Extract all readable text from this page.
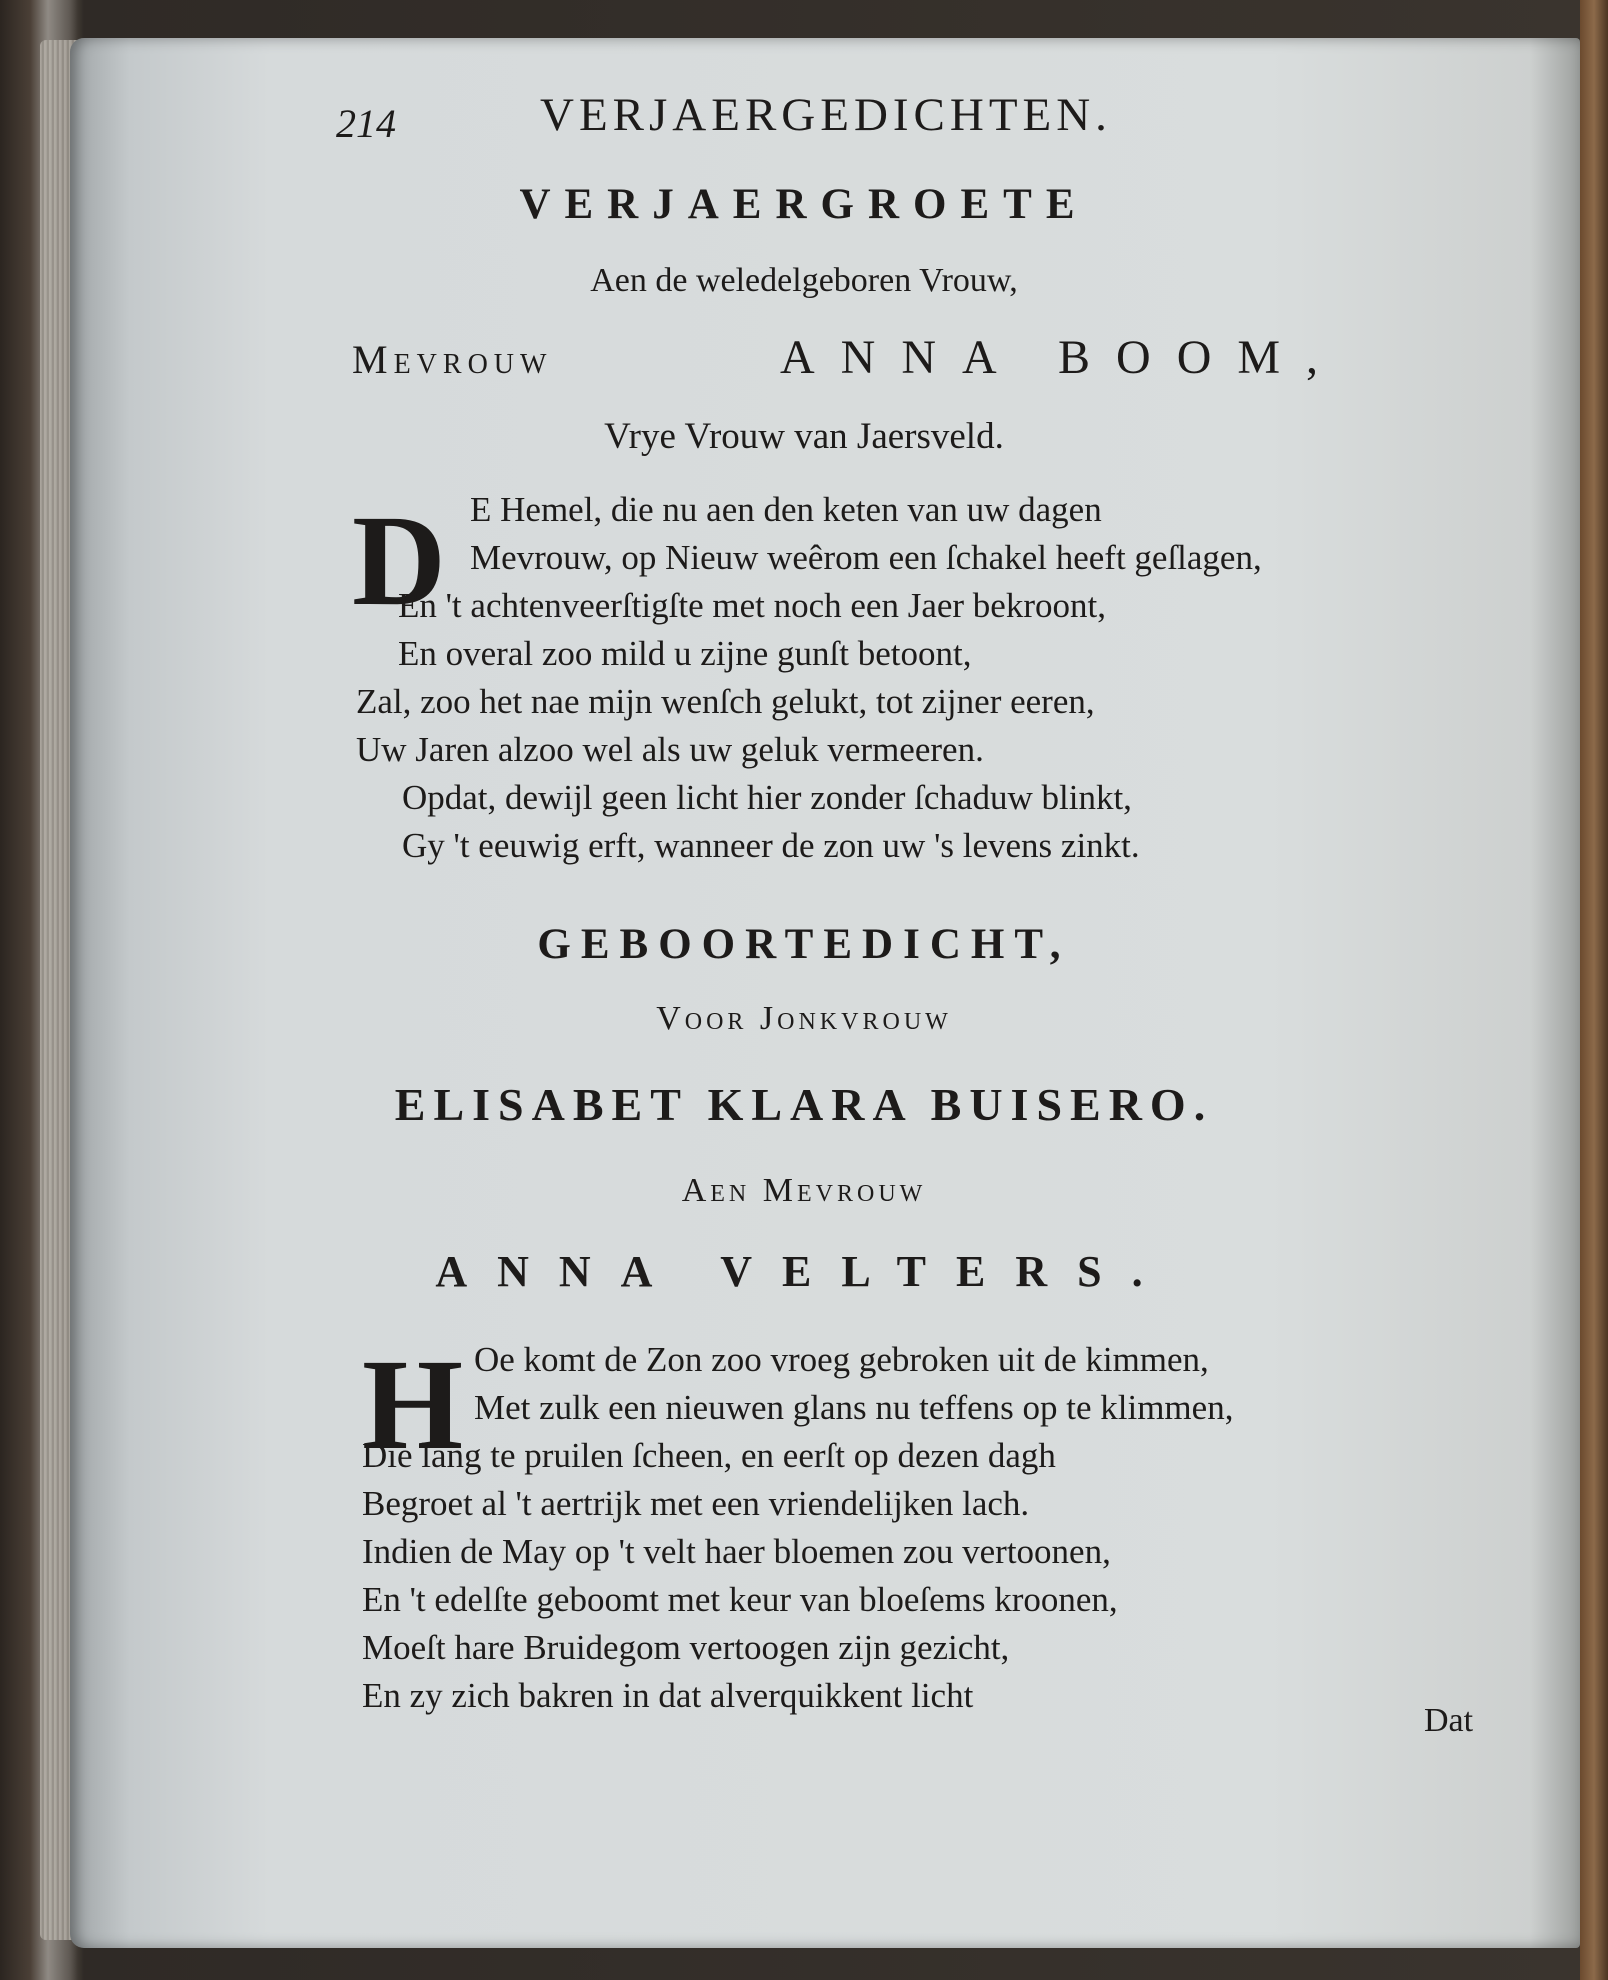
214	VERJAERGEDICHTEN.
VERJAERGROETE
Aen de weledelgeboren Vrouw,
Mevrouw	ANNA BOOM,
Vrye Vrouw van Jaersveld.
D E Hemel, die nu aen den keten van uw dagen
Mevrouw, op Nieuw weêrom een ſchakel heeft geſlagen,
En 't achtenveerſtigſte met noch een Jaer bekroont,
En overal zoo mild u zijne gunſt betoont,
Zal, zoo het nae mijn wenſch gelukt, tot zijner eeren,
Uw Jaren alzoo wel als uw geluk vermeeren.
Opdat, dewijl geen licht hier zonder ſchaduw blinkt,
Gy 't eeuwig erft, wanneer de zon uw 's levens zinkt.
GEBOORTEDICHT,
Voor Jonkvrouw
ELISABET KLARA BUISERO.
Aen Mevrouw
ANNA VELTERS.
H Oe komt de Zon zoo vroeg gebroken uit de kimmen,
Met zulk een nieuwen glans nu teffens op te klimmen,
Die lang te pruilen ſcheen, en eerſt op dezen dagh
Begroet al 't aertrijk met een vriendelijken lach.
Indien de May op 't velt haer bloemen zou vertoonen,
En 't edelſte geboomt met keur van bloeſems kroonen,
Moeſt hare Bruidegom vertoogen zijn gezicht,
En zy zich bakren in dat alverquikkent licht
Dat
